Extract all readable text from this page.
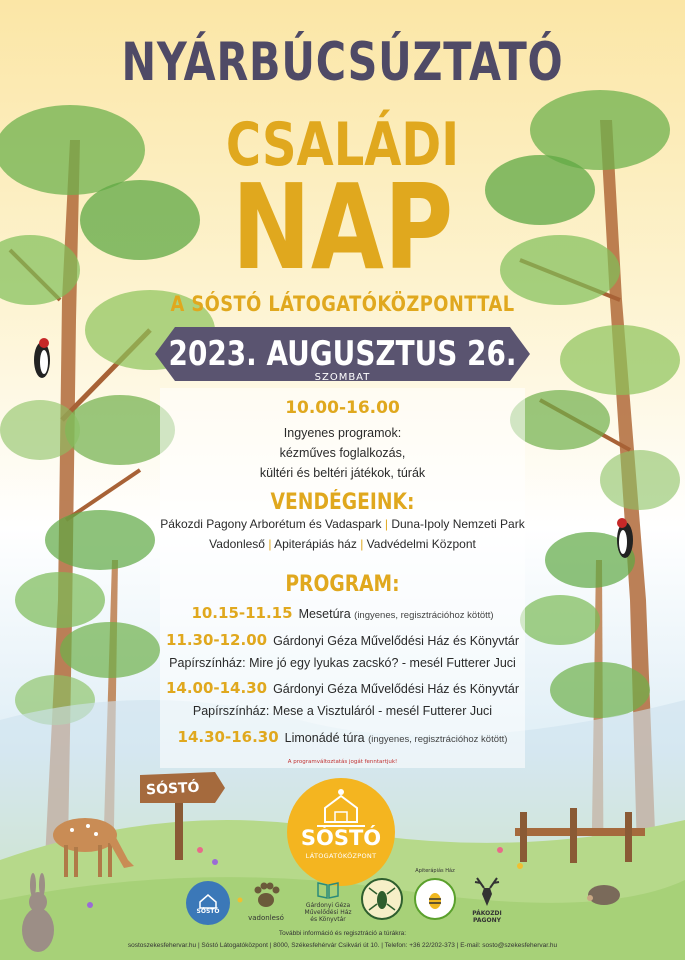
NYÁRBÚCSÚZTATÓ
CSALÁDI
NAP
A SÓSTÓ LÁTOGATÓKÖZPONTTAL
2023. AUGUSZTUS 26.
SZOMBAT
10.00-16.00
Ingyenes programok:
kézműves foglalkozás,
kültéri és beltéri játékok, túrák
VENDÉGEINK:
Pákozdi Pagony Arborétum és Vadaspark | Duna-Ipoly Nemzeti Park
Vadonleső | Apiterápiás ház | Vadvédelmi Központ
PROGRAM:
10.15-11.15 Mesetúra (ingyenes, regisztrációhoz kötött)
11.30-12.00 Gárdonyi Géza Művelődési Ház és Könyvtár
Papírszínház: Mire jó egy lyukas zacskó? - mesél Futterer Juci
14.00-14.30 Gárdonyi Géza Művelődési Ház és Könyvtár
Papírszínház: Mese a Visztuláról - mesél Futterer Juci
14.30-16.30 Limonádé túra (ingyenes, regisztrációhoz kötött)
A programváltoztatás jogát fenntartjuk!
SÓSTÓ
SÓSTÓ
LÁTOGATÓKÖZPONT
SÓSTÓ
vadonlesó
Gárdonyi Géza Művelődési Ház és Könyvtár
Apiterápiás Ház
PÁKOZDI PAGONY
További információ és regisztráció a túrákra:
sostoszekesfehervar.hu | Sóstó Látogatóközpont | 8000, Székesfehérvár Csikvári út 10. | Telefon: +36 22/202-373 | E-mail: sosto@szekesfehervar.hu
